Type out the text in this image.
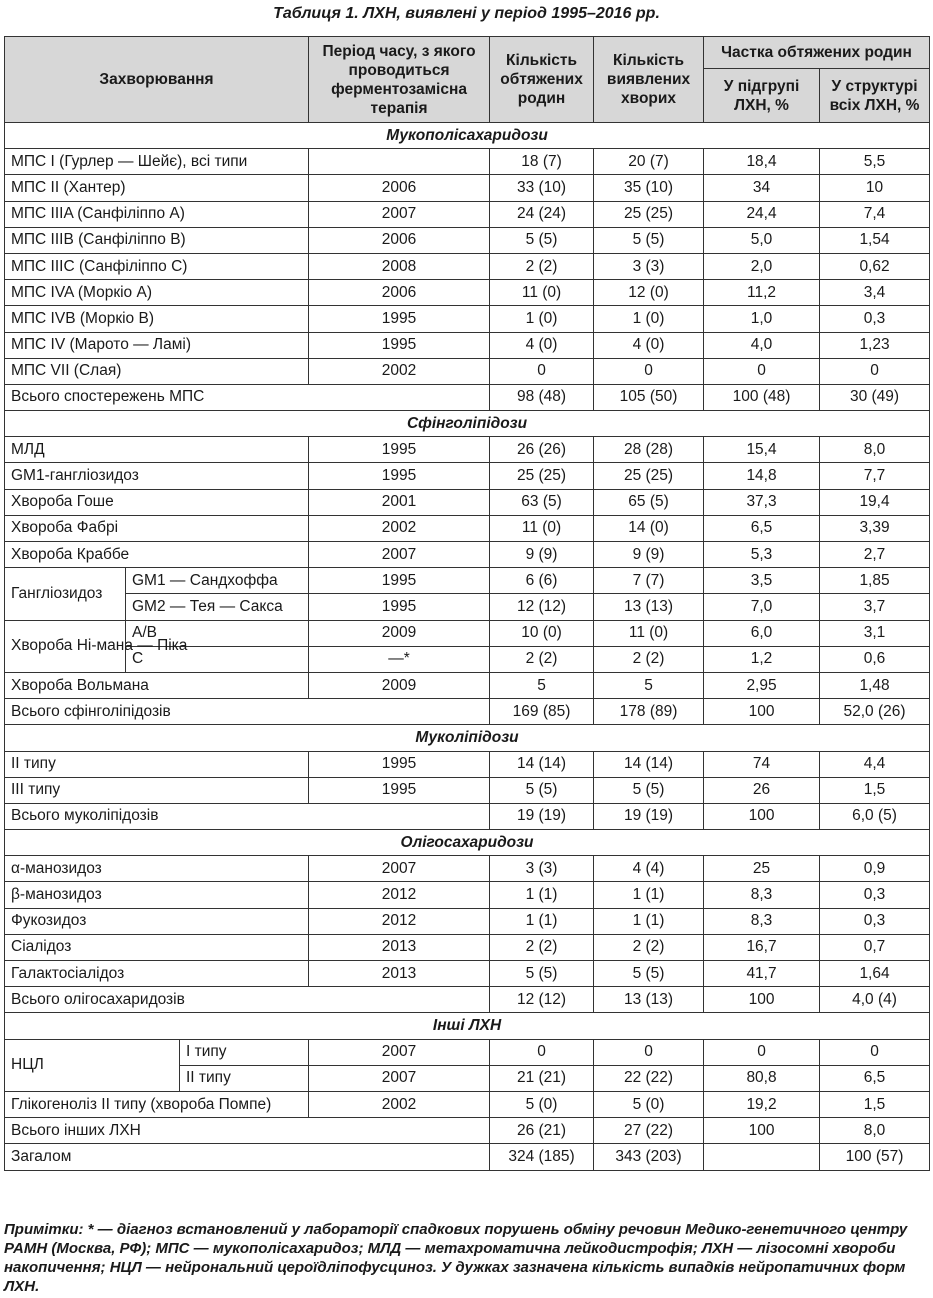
Таблиця 1. ЛХН, виявлені у період 1995–2016 рр.
Захворювання			Період часу, з якого проводиться ферментозамісна терапія	Кількість обтяжених родин	Кількість виявлених хворих	Частка обтяжених родин	
						У підгрупі ЛХН, %	У структурі всіх ЛХН, %
Мукополісахаридози							
МПС I (Гурлер — Шейє), всі типи				18 (7)	20 (7)	18,4	5,5
МПС II (Хантер)			2006	33 (10)	35 (10)	34	10
МПС IIIA (Санфіліппо А)			2007	24 (24)	25 (25)	24,4	7,4
МПС IIIB (Санфіліппо В)			2006	5 (5)	5 (5)	5,0	1,54
МПС IIIC (Санфіліппо С)			2008	2 (2)	3 (3)	2,0	0,62
МПС IVA (Моркіо А)			2006	11 (0)	12 (0)	11,2	3,4
МПС IVB (Моркіо В)			1995	1 (0)	1 (0)	1,0	0,3
МПС IV (Марото — Ламі)			1995	4 (0)	4 (0)	4,0	1,23
МПС VII (Слая)			2002	0	0	0	0
Всього спостережень МПС				98 (48)	105 (50)	100 (48)	30 (49)
Сфінголіпідози							
МЛД			1995	26 (26)	28 (28)	15,4	8,0
GM1-гангліозидоз			1995	25 (25)	25 (25)	14,8	7,7
Хвороба Гоше			2001	63 (5)	65 (5)	37,3	19,4
Хвороба Фабрі			2002	11 (0)	14 (0)	6,5	3,39
Хвороба Краббе			2007	9 (9)	9 (9)	5,3	2,7
Гангліозидоз	GM1 — Сандхоффа		1995	6 (6)	7 (7)	3,5	1,85
	GM2 — Тея — Сакса		1995	12 (12)	13 (13)	7,0	3,7
Хвороба Ні-мана — Піка	A/B		2009	10 (0)	11 (0)	6,0	3,1
	C		—*	2 (2)	2 (2)	1,2	0,6
Хвороба Вольмана			2009	5	5	2,95	1,48
Всього сфінголіпідозів				169 (85)	178 (89)	100	52,0 (26)
Муколіпідози							
II типу			1995	14 (14)	14 (14)	74	4,4
III типу			1995	5 (5)	5 (5)	26	1,5
Всього муколіпідозів				19 (19)	19 (19)	100	6,0 (5)
Олігосахаридози							
α-манозидоз			2007	3 (3)	4 (4)	25	0,9
β-манозидоз			2012	1 (1)	1 (1)	8,3	0,3
Фукозидоз			2012	1 (1)	1 (1)	8,3	0,3
Сіалідоз			2013	2 (2)	2 (2)	16,7	0,7
Галактосіалідоз			2013	5 (5)	5 (5)	41,7	1,64
Всього олігосахаридозів				12 (12)	13 (13)	100	4,0 (4)
Інші ЛХН							
НЦЛ		I типу	2007	0	0	0	0
		II типу	2007	21 (21)	22 (22)	80,8	6,5
Глікогеноліз II типу (хвороба Помпе)			2002	5 (0)	5 (0)	19,2	1,5
Всього інших ЛХН				26 (21)	27 (22)	100	8,0
Загалом				324 (185)	343 (203)		100 (57)
Примітки: * — діагноз встановлений у лабораторії спадкових порушень обміну речовин Медико-генетичного центру РАМН (Москва, РФ); МПС — мукополісахаридоз; МЛД — метахроматична лейкодистрофія; ЛХН — лізосомні хвороби накопичення; НЦЛ — нейрональний цероїдліпофусциноз. У дужках зазначена кількість випадків нейропатичних форм ЛХН.
